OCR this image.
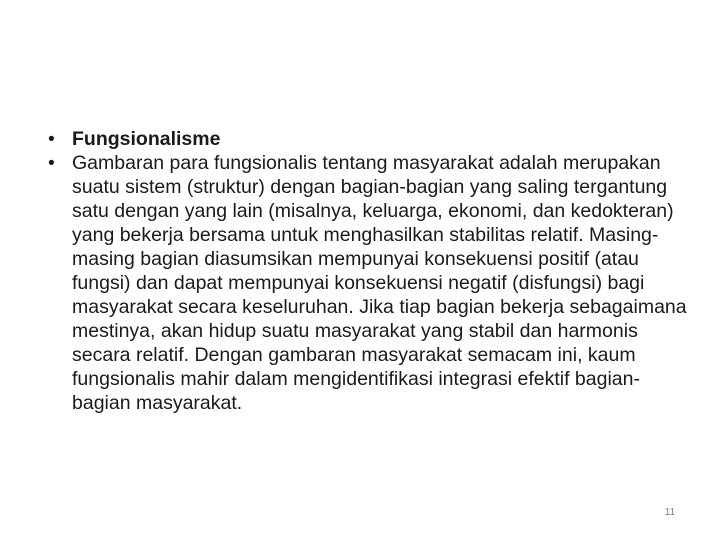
• Fungsionalisme
• Gambaran para fungsionalis tentang masyarakat adalah merupakan suatu sistem (struktur) dengan bagian-bagian yang saling tergantung satu dengan yang lain (misalnya, keluarga, ekonomi, dan kedokteran) yang bekerja bersama untuk menghasilkan stabilitas relatif. Masing-masing bagian diasumsikan mempunyai konsekuensi positif (atau fungsi) dan dapat mempunyai konsekuensi negatif (disfungsi) bagi masyarakat secara keseluruhan. Jika tiap bagian bekerja sebagaimana mestinya, akan hidup suatu masyarakat yang stabil dan harmonis secara relatif. Dengan gambaran masyarakat semacam ini, kaum fungsionalis mahir dalam mengidentifikasi integrasi efektif bagian-bagian masyarakat.
11
